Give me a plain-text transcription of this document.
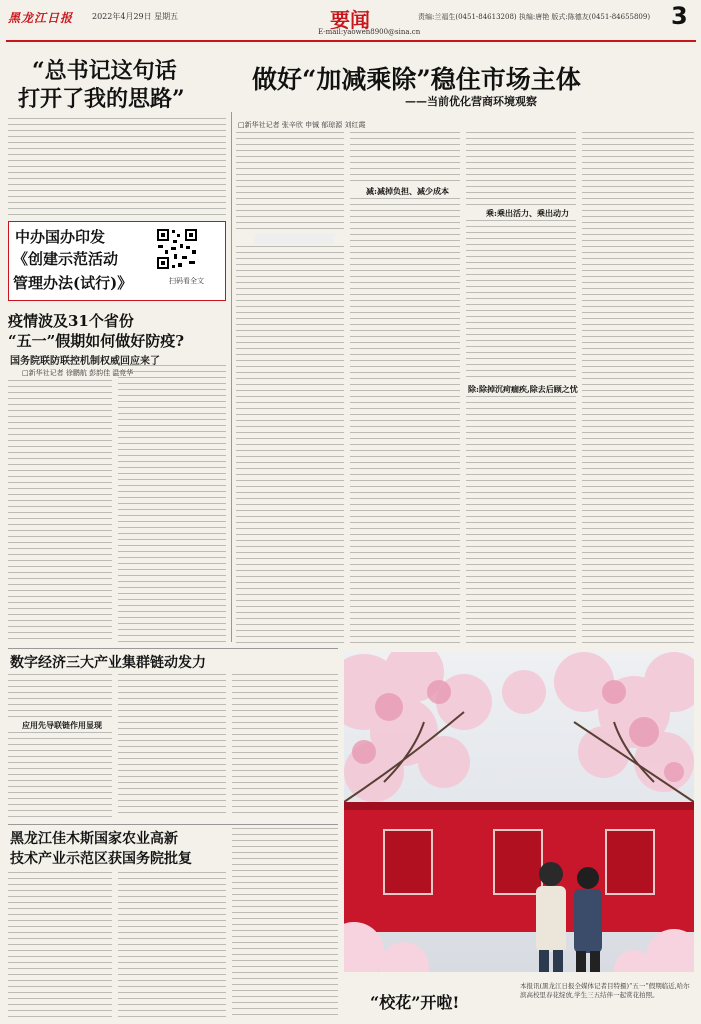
黑龙江日报 2022年4月29日 星期五	要闻
E-mail:yaowen8900@sina.cn
责编:兰福生(0451-84613208) 执编:唐艳 版式:陈德友(0451-84655809) 3
“总书记这句话
打开了我的思路”
中办国办印发
《创建示范活动
管理办法(试行)》	扫码看全文
疫情波及31个省份
“五一”假期如何做好防疫?
国务院联防联控机制权威回应来了
□新华社记者 徐鹏航 彭韵佳 温竞华
数字经济三大产业集群链动发力
应用先导联链作用显现
黑龙江佳木斯国家农业高新
技术产业示范区获国务院批复
做好“加减乘除”稳住市场主体
——当前优化营商环境观察
□新华社记者 张辛欣 申铖 郁琼源 刘红霞
减:减掉负担、减少成本
乘:乘出活力、乘出动力
除:除掉沉疴痼疾,除去后顾之忧
“校花”开啦!
本报讯(黑龙江日报全媒体记者目特摄)“五一”假期临近,哈尔滨高校里春花绽放,学生三五结伴一起赏花拍照。
